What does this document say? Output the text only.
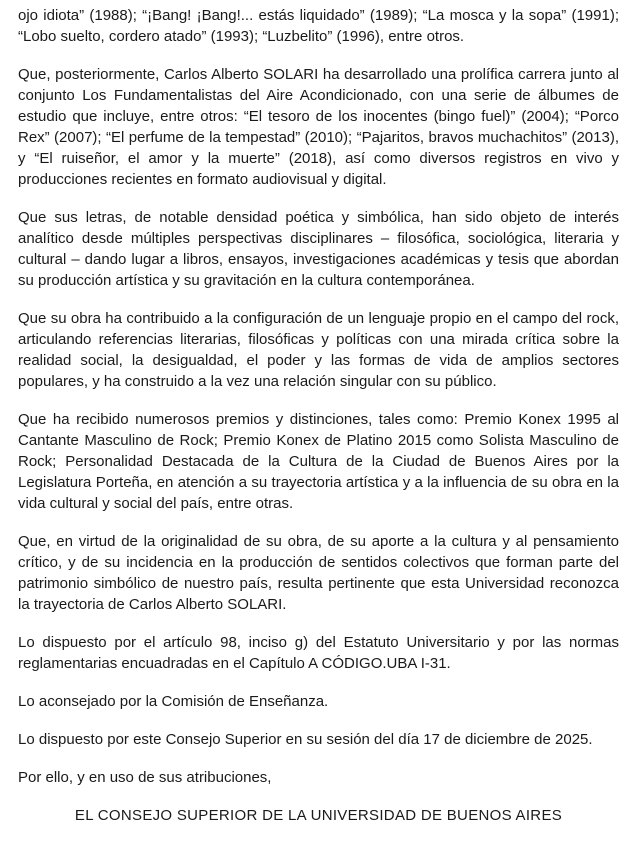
ojo idiota” (1988); “¡Bang! ¡Bang!... estás liquidado” (1989); “La mosca y la sopa” (1991); “Lobo suelto, cordero atado” (1993); “Luzbelito” (1996), entre otros.

Que, posteriormente, Carlos Alberto SOLARI ha desarrollado una prolífica carrera junto al conjunto Los Fundamentalistas del Aire Acondicionado, con una serie de álbumes de estudio que incluye, entre otros: “El tesoro de los inocentes (bingo fuel)” (2004); “Porco Rex” (2007); “El perfume de la tempestad” (2010); “Pajaritos, bravos muchachitos” (2013), y “El ruiseñor, el amor y la muerte” (2018), así como diversos registros en vivo y producciones recientes en formato audiovisual y digital.

Que sus letras, de notable densidad poética y simbólica, han sido objeto de interés analítico desde múltiples perspectivas disciplinares – filosófica, sociológica, literaria y cultural – dando lugar a libros, ensayos, investigaciones académicas y tesis que abordan su producción artística y su gravitación en la cultura contemporánea.

Que su obra ha contribuido a la configuración de un lenguaje propio en el campo del rock, articulando referencias literarias, filosóficas y políticas con una mirada crítica sobre la realidad social, la desigualdad, el poder y las formas de vida de amplios sectores populares, y ha construido a la vez una relación singular con su público.

Que ha recibido numerosos premios y distinciones, tales como: Premio Konex 1995 al Cantante Masculino de Rock; Premio Konex de Platino 2015 como Solista Masculino de Rock; Personalidad Destacada de la Cultura de la Ciudad de Buenos Aires por la Legislatura Porteña, en atención a su trayectoria artística y a la influencia de su obra en la vida cultural y social del país, entre otras.

Que, en virtud de la originalidad de su obra, de su aporte a la cultura y al pensamiento crítico, y de su incidencia en la producción de sentidos colectivos que forman parte del patrimonio simbólico de nuestro país, resulta pertinente que esta Universidad reconozca la trayectoria de Carlos Alberto SOLARI.

Lo dispuesto por el artículo 98, inciso g) del Estatuto Universitario y por las normas reglamentarias encuadradas en el Capítulo A CÓDIGO.UBA I-31.

Lo aconsejado por la Comisión de Enseñanza.

Lo dispuesto por este Consejo Superior en su sesión del día 17 de diciembre de 2025.

Por ello, y en uso de sus atribuciones,

EL CONSEJO SUPERIOR DE LA UNIVERSIDAD DE BUENOS AIRES
